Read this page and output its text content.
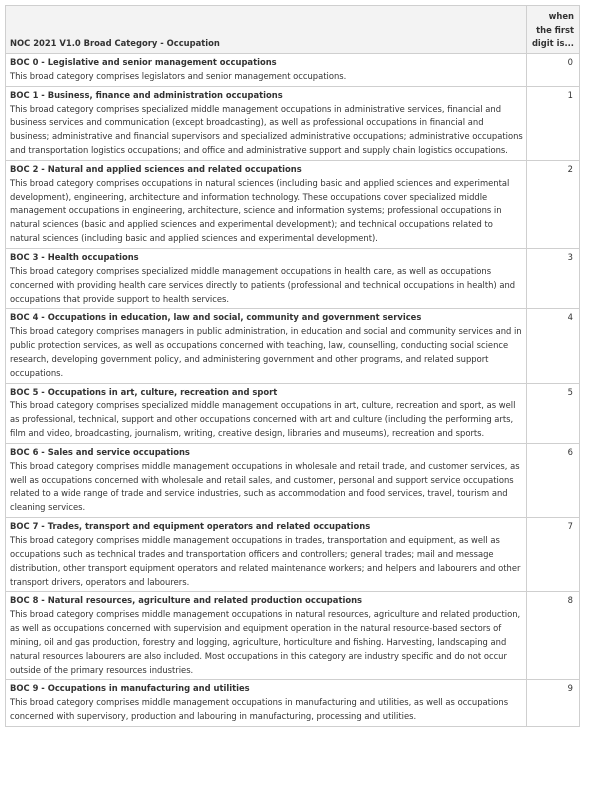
NOC 2021 V1.0 Broad Category - Occupation	when the first digit is...

BOC 0 - Legislative and senior management occupations
This broad category comprises legislators and senior management occupations.	0

BOC 1 - Business, finance and administration occupations
This broad category comprises specialized middle management occupations in administrative services, financial and business services and communication (except broadcasting), as well as professional occupations in financial and business; administrative and financial supervisors and specialized administrative occupations; administrative occupations and transportation logistics occupations; and office and administrative support and supply chain logistics occupations.	1

BOC 2 - Natural and applied sciences and related occupations
This broad category comprises occupations in natural sciences (including basic and applied sciences and experimental development), engineering, architecture and information technology. These occupations cover specialized middle management occupations in engineering, architecture, science and information systems; professional occupations in natural sciences (basic and applied sciences and experimental development); and technical occupations related to natural sciences (including basic and applied sciences and experimental development).	2

BOC 3 - Health occupations
This broad category comprises specialized middle management occupations in health care, as well as occupations concerned with providing health care services directly to patients (professional and technical occupations in health) and occupations that provide support to health services.	3

BOC 4 - Occupations in education, law and social, community and government services
This broad category comprises managers in public administration, in education and social and community services and in public protection services, as well as occupations concerned with teaching, law, counselling, conducting social science research, developing government policy, and administering government and other programs, and related support occupations.	4

BOC 5 - Occupations in art, culture, recreation and sport
This broad category comprises specialized middle management occupations in art, culture, recreation and sport, as well as professional, technical, support and other occupations concerned with art and culture (including the performing arts, film and video, broadcasting, journalism, writing, creative design, libraries and museums), recreation and sports.	5

BOC 6 - Sales and service occupations
This broad category comprises middle management occupations in wholesale and retail trade, and customer services, as well as occupations concerned with wholesale and retail sales, and customer, personal and support service occupations related to a wide range of trade and service industries, such as accommodation and food services, travel, tourism and cleaning services.	6

BOC 7 - Trades, transport and equipment operators and related occupations
This broad category comprises middle management occupations in trades, transportation and equipment, as well as occupations such as technical trades and transportation officers and controllers; general trades; mail and message distribution, other transport equipment operators and related maintenance workers; and helpers and labourers and other transport drivers, operators and labourers.	7

BOC 8 - Natural resources, agriculture and related production occupations
This broad category comprises middle management occupations in natural resources, agriculture and related production, as well as occupations concerned with supervision and equipment operation in the natural resource-based sectors of mining, oil and gas production, forestry and logging, agriculture, horticulture and fishing. Harvesting, landscaping and natural resources labourers are also included. Most occupations in this category are industry specific and do not occur outside of the primary resources industries.	8

BOC 9 - Occupations in manufacturing and utilities
This broad category comprises middle management occupations in manufacturing and utilities, as well as occupations concerned with supervisory, production and labouring in manufacturing, processing and utilities.	9
